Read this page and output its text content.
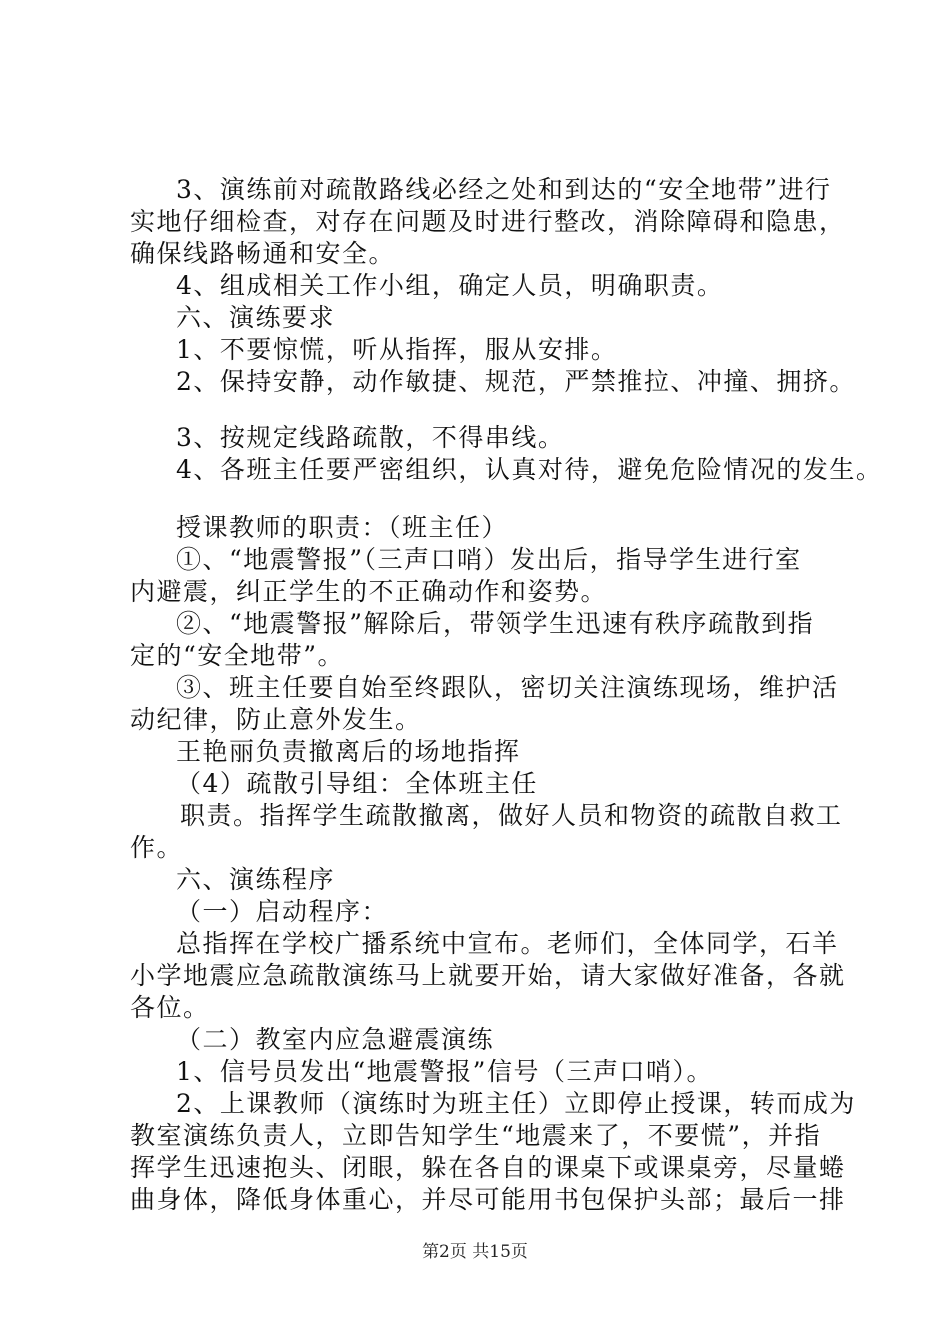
3、演练前对疏散路线必经之处和到达的“安全地带”进行
实地仔细检查，对存在问题及时进行整改，消除障碍和隐患，
确保线路畅通和安全。
4、组成相关工作小组，确定人员，明确职责。
六、演练要求
1、不要惊慌，听从指挥，服从安排。
2、保持安静，动作敏捷、规范，严禁推拉、冲撞、拥挤。
3、按规定线路疏散，不得串线。
4、各班主任要严密组织，认真对待，避免危险情况的发生。
授课教师的职责：（班主任）
①、“地震警报”（三声口哨）发出后，指导学生进行室
内避震，纠正学生的不正确动作和姿势。
②、“地震警报”解除后，带领学生迅速有秩序疏散到指
定的“安全地带”。
③、班主任要自始至终跟队，密切关注演练现场，维护活
动纪律，防止意外发生。
王艳丽负责撤离后的场地指挥
（4）疏散引导组：全体班主任
职责。指挥学生疏散撤离，做好人员和物资的疏散自救工
作。
六、演练程序
（一）启动程序：
总指挥在学校广播系统中宣布。老师们，全体同学，石羊
小学地震应急疏散演练马上就要开始，请大家做好准备，各就
各位。
（二）教室内应急避震演练
1、信号员发出“地震警报”信号（三声口哨）。
2、上课教师（演练时为班主任）立即停止授课，转而成为
教室演练负责人，立即告知学生“地震来了，不要慌”，并指
挥学生迅速抱头、闭眼，躲在各自的课桌下或课桌旁，尽量蜷
曲身体，降低身体重心，并尽可能用书包保护头部；最后一排
第2页 共15页
